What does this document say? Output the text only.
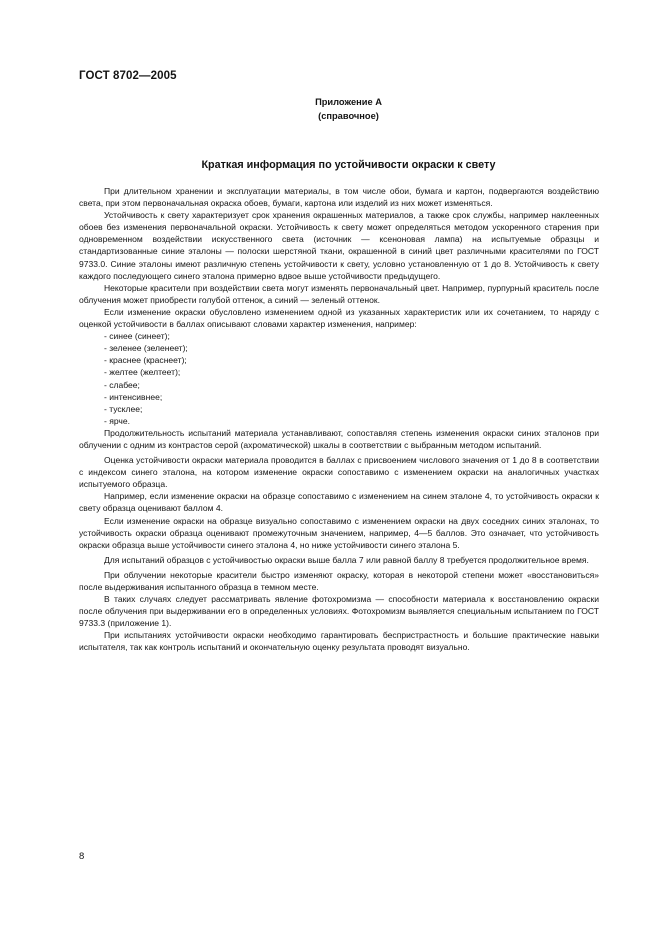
ГОСТ 8702—2005
Приложение А
(справочное)
Краткая информация по устойчивости окраски к свету

При длительном хранении и эксплуатации материалы, в том числе обои, бумага и картон, подвергаются воздействию света, при этом первоначальная окраска обоев, бумаги, картона или изделий из них может изменяться.

Устойчивость к свету характеризует срок хранения окрашенных материалов, а также срок службы, например наклеенных обоев без изменения первоначальной окраски. Устойчивость к свету может определяться методом ускоренного старения при одновременном воздействии искусственного света (источник — ксеноновая лампа) на испытуемые образцы и стандартизованные синие эталоны — полоски шерстяной ткани, окрашенной в синий цвет различными красителями по ГОСТ 9733.0. Синие эталоны имеют различную степень устойчивости к свету, условно установленную от 1 до 8. Устойчивость к свету каждого последующего синего эталона примерно вдвое выше устойчивости предыдущего.

Некоторые красители при воздействии света могут изменять первоначальный цвет. Например, пурпурный краситель после облучения может приобрести голубой оттенок, а синий — зеленый оттенок.

Если изменение окраски обусловлено изменением одной из указанных характеристик или их сочетанием, то наряду с оценкой устойчивости в баллах описывают словами характер изменения, например:

- синее (синеет);

- зеленее (зеленеет);

- краснее (краснеет);

- желтее (желтеет);

- слабее;

- интенсивнее;

- тусклее;

- ярче.

Продолжительность испытаний материала устанавливают, сопоставляя степень изменения окраски синих эталонов при облучении с одним из контрастов серой (ахроматической) шкалы в соответствии с выбранным методом испытаний.

Оценка устойчивости окраски материала проводится в баллах с присвоением числового значения от 1 до 8 в соответствии с индексом синего эталона, на котором изменение окраски сопоставимо с изменением окраски на аналогичных участках испытуемого образца.

Например, если изменение окраски на образце сопоставимо с изменением на синем эталоне 4, то устойчивость окраски к свету образца оценивают баллом 4.

Если изменение окраски на образце визуально сопоставимо с изменением окраски на двух соседних синих эталонах, то устойчивость окраски образца оценивают промежуточным значением, например, 4—5 баллов. Это означает, что устойчивость окраски образца выше устойчивости синего эталона 4, но ниже устойчивости синего эталона 5.

Для испытаний образцов с устойчивостью окраски выше балла 7 или равной баллу 8 требуется продолжительное время.

При облучении некоторые красители быстро изменяют окраску, которая в некоторой степени может «восстановиться» после выдерживания испытанного образца в темном месте.

В таких случаях следует рассматривать явление фотохромизма — способности материала к восстановлению окраски после облучения при выдерживании его в определенных условиях. Фотохромизм выявляется специальным испытанием по ГОСТ 9733.3 (приложение 1).

При испытаниях устойчивости окраски необходимо гарантировать беспристрастность и большие практические навыки испытателя, так как контроль испытаний и окончательную оценку результата проводят визуально.

8
